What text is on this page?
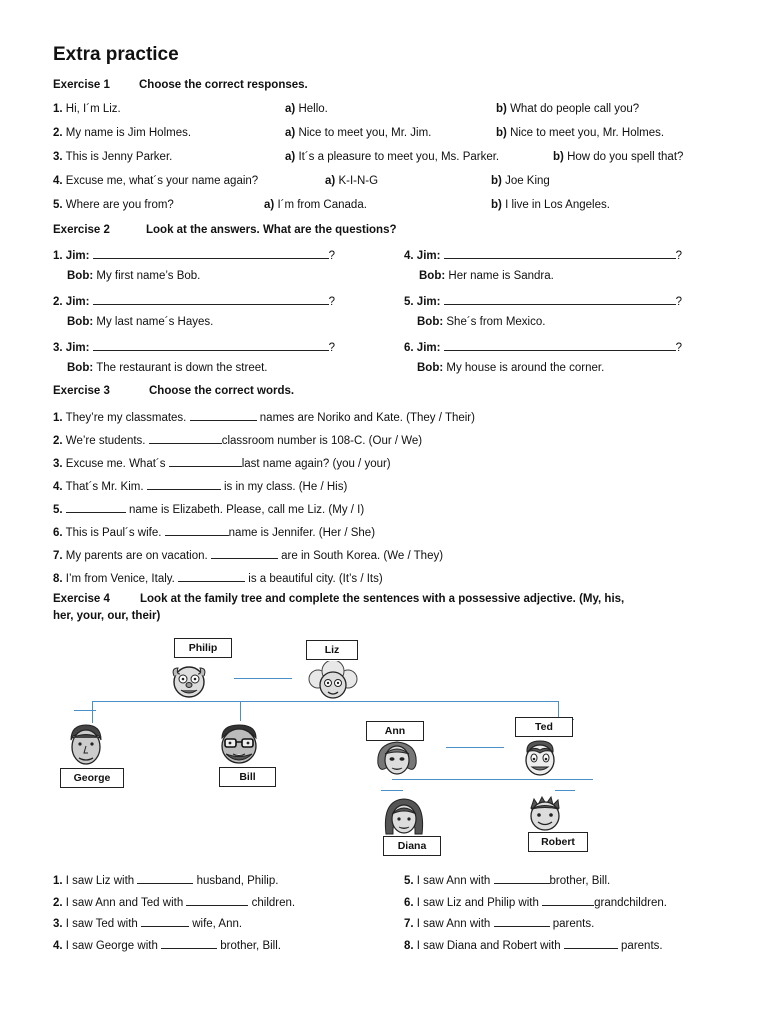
Extra practice
Exercise 1	Choose the correct responses.
1. Hi, I´m Liz.	a) Hello.	b) What do people call you?
2. My name is Jim Holmes.	a) Nice to meet you, Mr. Jim.	b) Nice to meet you, Mr. Holmes.
3. This is Jenny Parker.	a) It´s a pleasure to meet you, Ms. Parker.	b) How do you spell that?
4. Excuse me, what´s your name again?	a) K-I-N-G	b) Joe King
5. Where are you from?	a) I´m from Canada.	b) I live in Los Angeles.
Exercise 2	Look at the answers. What are the questions?
1. Jim:	?
Bob: My first name’s Bob.
2. Jim:	?
Bob: My last name´s Hayes.
3. Jim:	?
Bob: The restaurant is down the street.
4. Jim:	?
Bob: Her name is Sandra.
5. Jim:	?
Bob: She´s from Mexico.
6. Jim:	?
Bob: My house is around the corner.
Exercise 3	Choose the correct words.
1. They’re my classmates.	names are Noriko and Kate. (They / Their)
2. We’re students.	classroom number is 108-C. (Our / We)
3. Excuse me. What´s	last name again? (you / your)
4. That´s Mr. Kim.	is in my class. (He / His)
5.	name is Elizabeth. Please, call me Liz. (My / I)
6. This is Paul´s wife.	name is Jennifer. (Her / She)
7. My parents are on vacation.	are in South Korea. (We / They)
8. I’m from Venice, Italy.	is a beautiful city. (It’s / Its)
Exercise 4	Look at the family tree and complete the sentences with a possessive adjective. (My, his,
her, your, our, their)
Philip	Liz
Ann	Ted
George	Bill
Diana	Robert
1. I saw Liz with	husband, Philip.
2. I saw Ann and Ted with	children.
3. I saw Ted with	wife, Ann.
4. I saw George with	brother, Bill.
5. I saw Ann with	brother, Bill.
6. I saw Liz and Philip with	grandchildren.
7. I saw Ann with	parents.
8. I saw Diana and Robert with	parents.
